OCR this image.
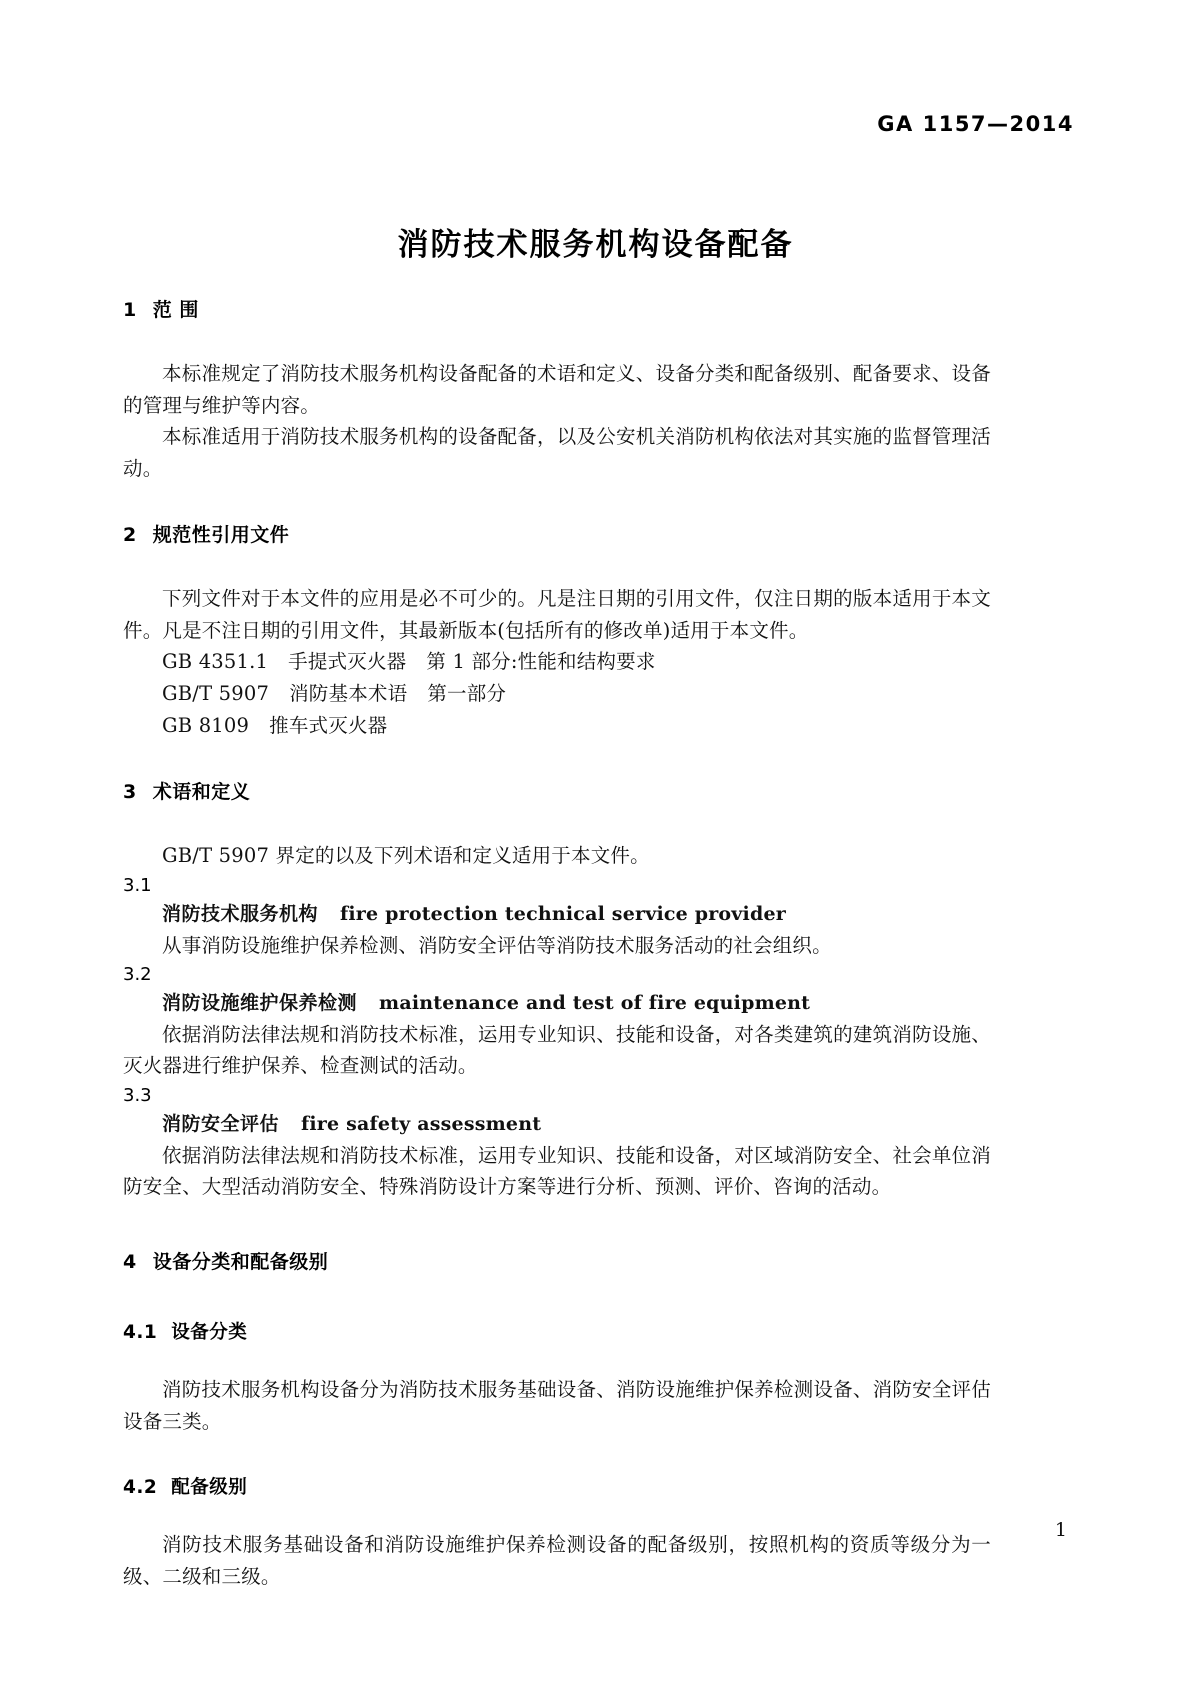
GA 1157—2014
消防技术服务机构设备配备
1 范 围

本标准规定了消防技术服务机构设备配备的术语和定义、设备分类和配备级别、配备要求、设备的管理与维护等内容。

本标准适用于消防技术服务机构的设备配备，以及公安机关消防机构依法对其实施的监督管理活动。

2 规范性引用文件

下列文件对于本文件的应用是必不可少的。凡是注日期的引用文件，仅注日期的版本适用于本文件。凡是不注日期的引用文件，其最新版本(包括所有的修改单)适用于本文件。

GB 4351.1 手提式灭火器 第 1 部分:性能和结构要求

GB/T 5907 消防基本术语 第一部分

GB 8109 推车式灭火器

3 术语和定义

GB/T 5907 界定的以及下列术语和定义适用于本文件。

3.1

消防技术服务机构 fire protection technical service provider

从事消防设施维护保养检测、消防安全评估等消防技术服务活动的社会组织。

3.2

消防设施维护保养检测 maintenance and test of fire equipment

依据消防法律法规和消防技术标准，运用专业知识、技能和设备，对各类建筑的建筑消防设施、灭火器进行维护保养、检查测试的活动。

3.3

消防安全评估 fire safety assessment

依据消防法律法规和消防技术标准，运用专业知识、技能和设备，对区域消防安全、社会单位消防安全、大型活动消防安全、特殊消防设计方案等进行分析、预测、评价、咨询的活动。

4 设备分类和配备级别
4.1 设备分类

消防技术服务机构设备分为消防技术服务基础设备、消防设施维护保养检测设备、消防安全评估设备三类。

4.2 配备级别

消防技术服务基础设备和消防设施维护保养检测设备的配备级别，按照机构的资质等级分为一级、二级和三级。

1
